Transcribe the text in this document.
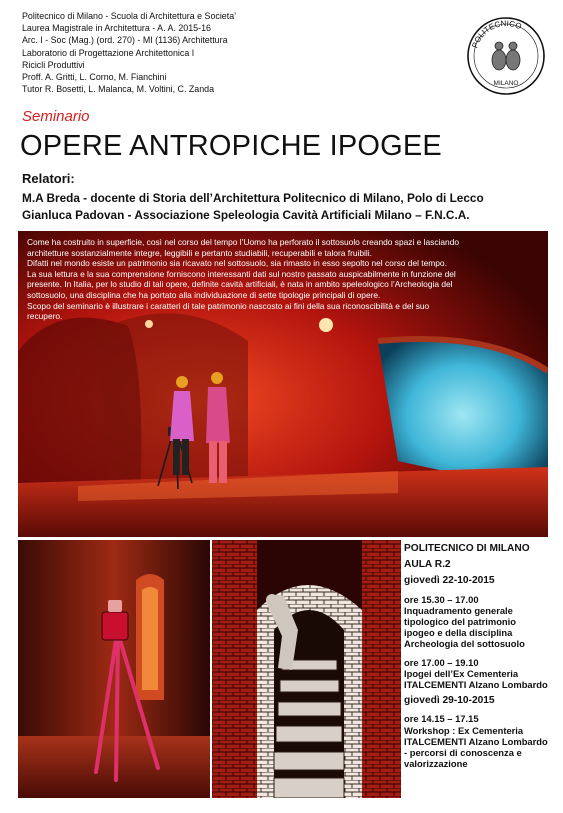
Politecnico di Milano - Scuola di Architettura e Societa’
Laurea Magistrale in Architettura - A. A. 2015-16
Arc. I - Soc (Mag.) (ord. 270) - MI (1136) Architettura
Laboratorio di Progettazione Architettonica I
Ricicli Produttivi
Proff. A. Gritti, L. Corno, M. Fianchini
Tutor R. Bosetti, L. Malanca, M. Voltini, C. Zanda
POLITECNICO
MILANO
Seminario
OPERE ANTROPICHE IPOGEE
Relatori:
M.A Breda - docente di Storia dell’Architettura Politecnico di Milano, Polo di Lecco
Gianluca Padovan - Associazione Speleologia Cavità Artificiali Milano – F.N.C.A.
Come ha costruito in superficie, così nel corso del tempo l’Uomo ha perforato il sottosuolo creando spazi e lasciando
architetture sostanzialmente integre, leggibili e pertanto studiabili, recuperabili e talora fruibili.
Difatti nel mondo esiste un patrimonio sia ricavato nel sottosuolo, sia rimasto in esso sepolto nel corso del tempo.
La sua lettura e la sua comprensione forniscono interessanti dati sul nostro passato auspicabilmente in funzione del
presente. In Italia, per lo studio di tali opere, definite cavità artificiali, è nata in ambito speleologico l’Archeologia del
sottosuolo, una disciplina che ha portato alla individuazione di sette tipologie principali di opere.
Scopo del seminario è illustrare i caratteri di tale patrimonio nascosto ai fini della sua riconoscibilità e del suo
recupero.
POLITECNICO DI MILANO
AULA R.2
giovedì 22-10-2015
ore 15.30 – 17.00
Inquadramento generale
tipologico del patrimonio
ipogeo e della disciplina
Archeologia del sottosuolo
ore 17.00 – 19.10
Ipogei dell’Ex Cementeria
ITALCEMENTI Alzano Lombardo
giovedì 29-10-2015
ore 14.15 – 17.15
Workshop : Ex Cementeria
ITALCEMENTI Alzano Lombardo
- percorsi di conoscenza e
valorizzazione
